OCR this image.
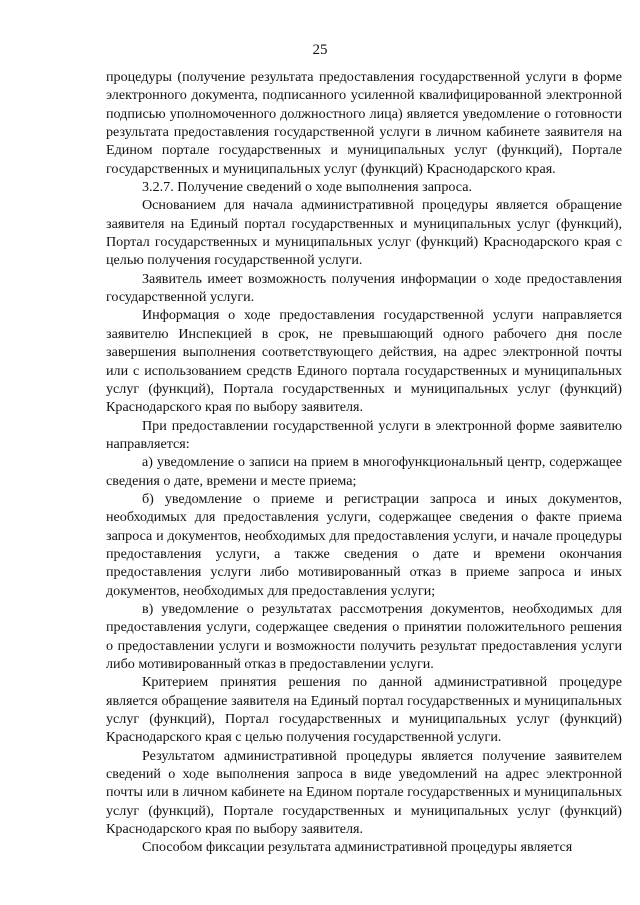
25

процедуры (получение результата предоставления государственной услуги в форме электронного документа, подписанного усиленной квалифицированной электронной подписью уполномоченного должностного лица) является уведомление о готовности результата предоставления государственной услуги в личном кабинете заявителя на Едином портале государственных и муниципальных услуг (функций), Портале государственных и муниципальных услуг (функций) Краснодарского края.

3.2.7. Получение сведений о ходе выполнения запроса.

Основанием для начала административной процедуры является обращение заявителя на Единый портал государственных и муниципальных услуг (функций), Портал государственных и муниципальных услуг (функций) Краснодарского края с целью получения государственной услуги.

Заявитель имеет возможность получения информации о ходе предоставления государственной услуги.

Информация о ходе предоставления государственной услуги направляется заявителю Инспекцией в срок, не превышающий одного рабочего дня после завершения выполнения соответствующего действия, на адрес электронной почты или с использованием средств Единого портала государственных и муниципальных услуг (функций), Портала государственных и муниципальных услуг (функций) Краснодарского края по выбору заявителя.

При предоставлении государственной услуги в электронной форме заявителю направляется:

а) уведомление о записи на прием в многофункциональный центр, содержащее сведения о дате, времени и месте приема;

б) уведомление о приеме и регистрации запроса и иных документов, необходимых для предоставления услуги, содержащее сведения о факте приема запроса и документов, необходимых для предоставления услуги, и начале процедуры предоставления услуги, а также сведения о дате и времени окончания предоставления услуги либо мотивированный отказ в приеме запроса и иных документов, необходимых для предоставления услуги;

в) уведомление о результатах рассмотрения документов, необходимых для предоставления услуги, содержащее сведения о принятии положительного решения о предоставлении услуги и возможности получить результат предоставления услуги либо мотивированный отказ в предоставлении услуги.

Критерием принятия решения по данной административной процедуре является обращение заявителя на Единый портал государственных и муниципальных услуг (функций), Портал государственных и муниципальных услуг (функций) Краснодарского края с целью получения государственной услуги.

Результатом административной процедуры является получение заявителем сведений о ходе выполнения запроса в виде уведомлений на адрес электронной почты или в личном кабинете на Едином портале государственных и муниципальных услуг (функций), Портале государственных и муниципальных услуг (функций) Краснодарского края по выбору заявителя.

Способом фиксации результата административной процедуры является
